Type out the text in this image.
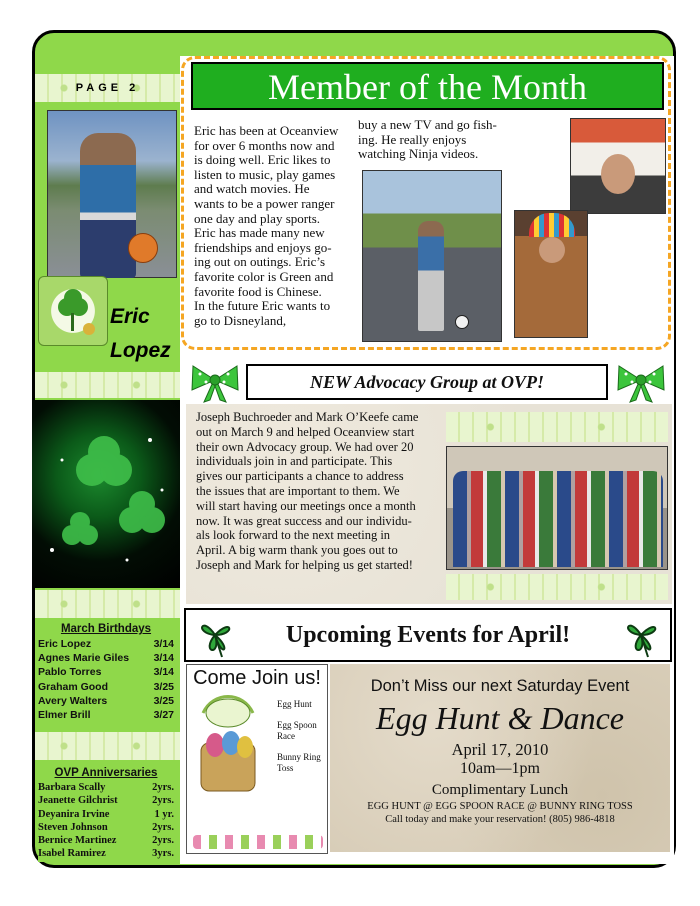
PAGE 2
Eric
Lopez
March Birthdays
Eric Lopez	3/14
Agnes Marie Giles 3/14
Pablo Torres	3/14
Graham Good	3/25
Avery Walters	3/25
Elmer Brill	3/27
OVP Anniversaries
Barbara Scally	2yrs.
Jeanette Gilchrist	2yrs.
Deyanira Irvine	1 yr.
Steven Johnson	2yrs.
Bernice Martinez	2yrs.
Isabel Ramirez	3yrs.
Member of the Month
Eric has been at Oceanview
for over 6 months now and
is doing well. Eric likes to
listen to music, play games
and watch movies. He
wants to be a power ranger
one day and play sports.
Eric has made many new
friendships and enjoys go-
ing out on outings. Eric’s
favorite color is Green and
favorite food is Chinese.
In the future Eric wants to
go to Disneyland,
buy a new TV and go fish-
ing. He really enjoys
watching Ninja videos.
NEW Advocacy Group at OVP!
Joseph Buchroeder and Mark O’Keefe came
out on March 9 and helped Oceanview start
their own Advocacy group. We had over 20
individuals join in and participate. This
gives our participants a chance to address
the issues that are important to them. We
will start having our meetings once a month
now. It was great success and our individu-
als look forward to the next meeting in
April. A big warm thank you goes out to
Joseph and Mark for helping us get started!
Upcoming Events for April!
Come Join us!
Egg Hunt
Egg Spoon Race
Bunny Ring Toss
Don’t Miss our next Saturday Event
Egg Hunt & Dance
April 17, 2010
10am—1pm
Complimentary Lunch
EGG HUNT @ EGG SPOON RACE @ BUNNY RING TOSS
Call today and make your reservation! (805) 986-4818
